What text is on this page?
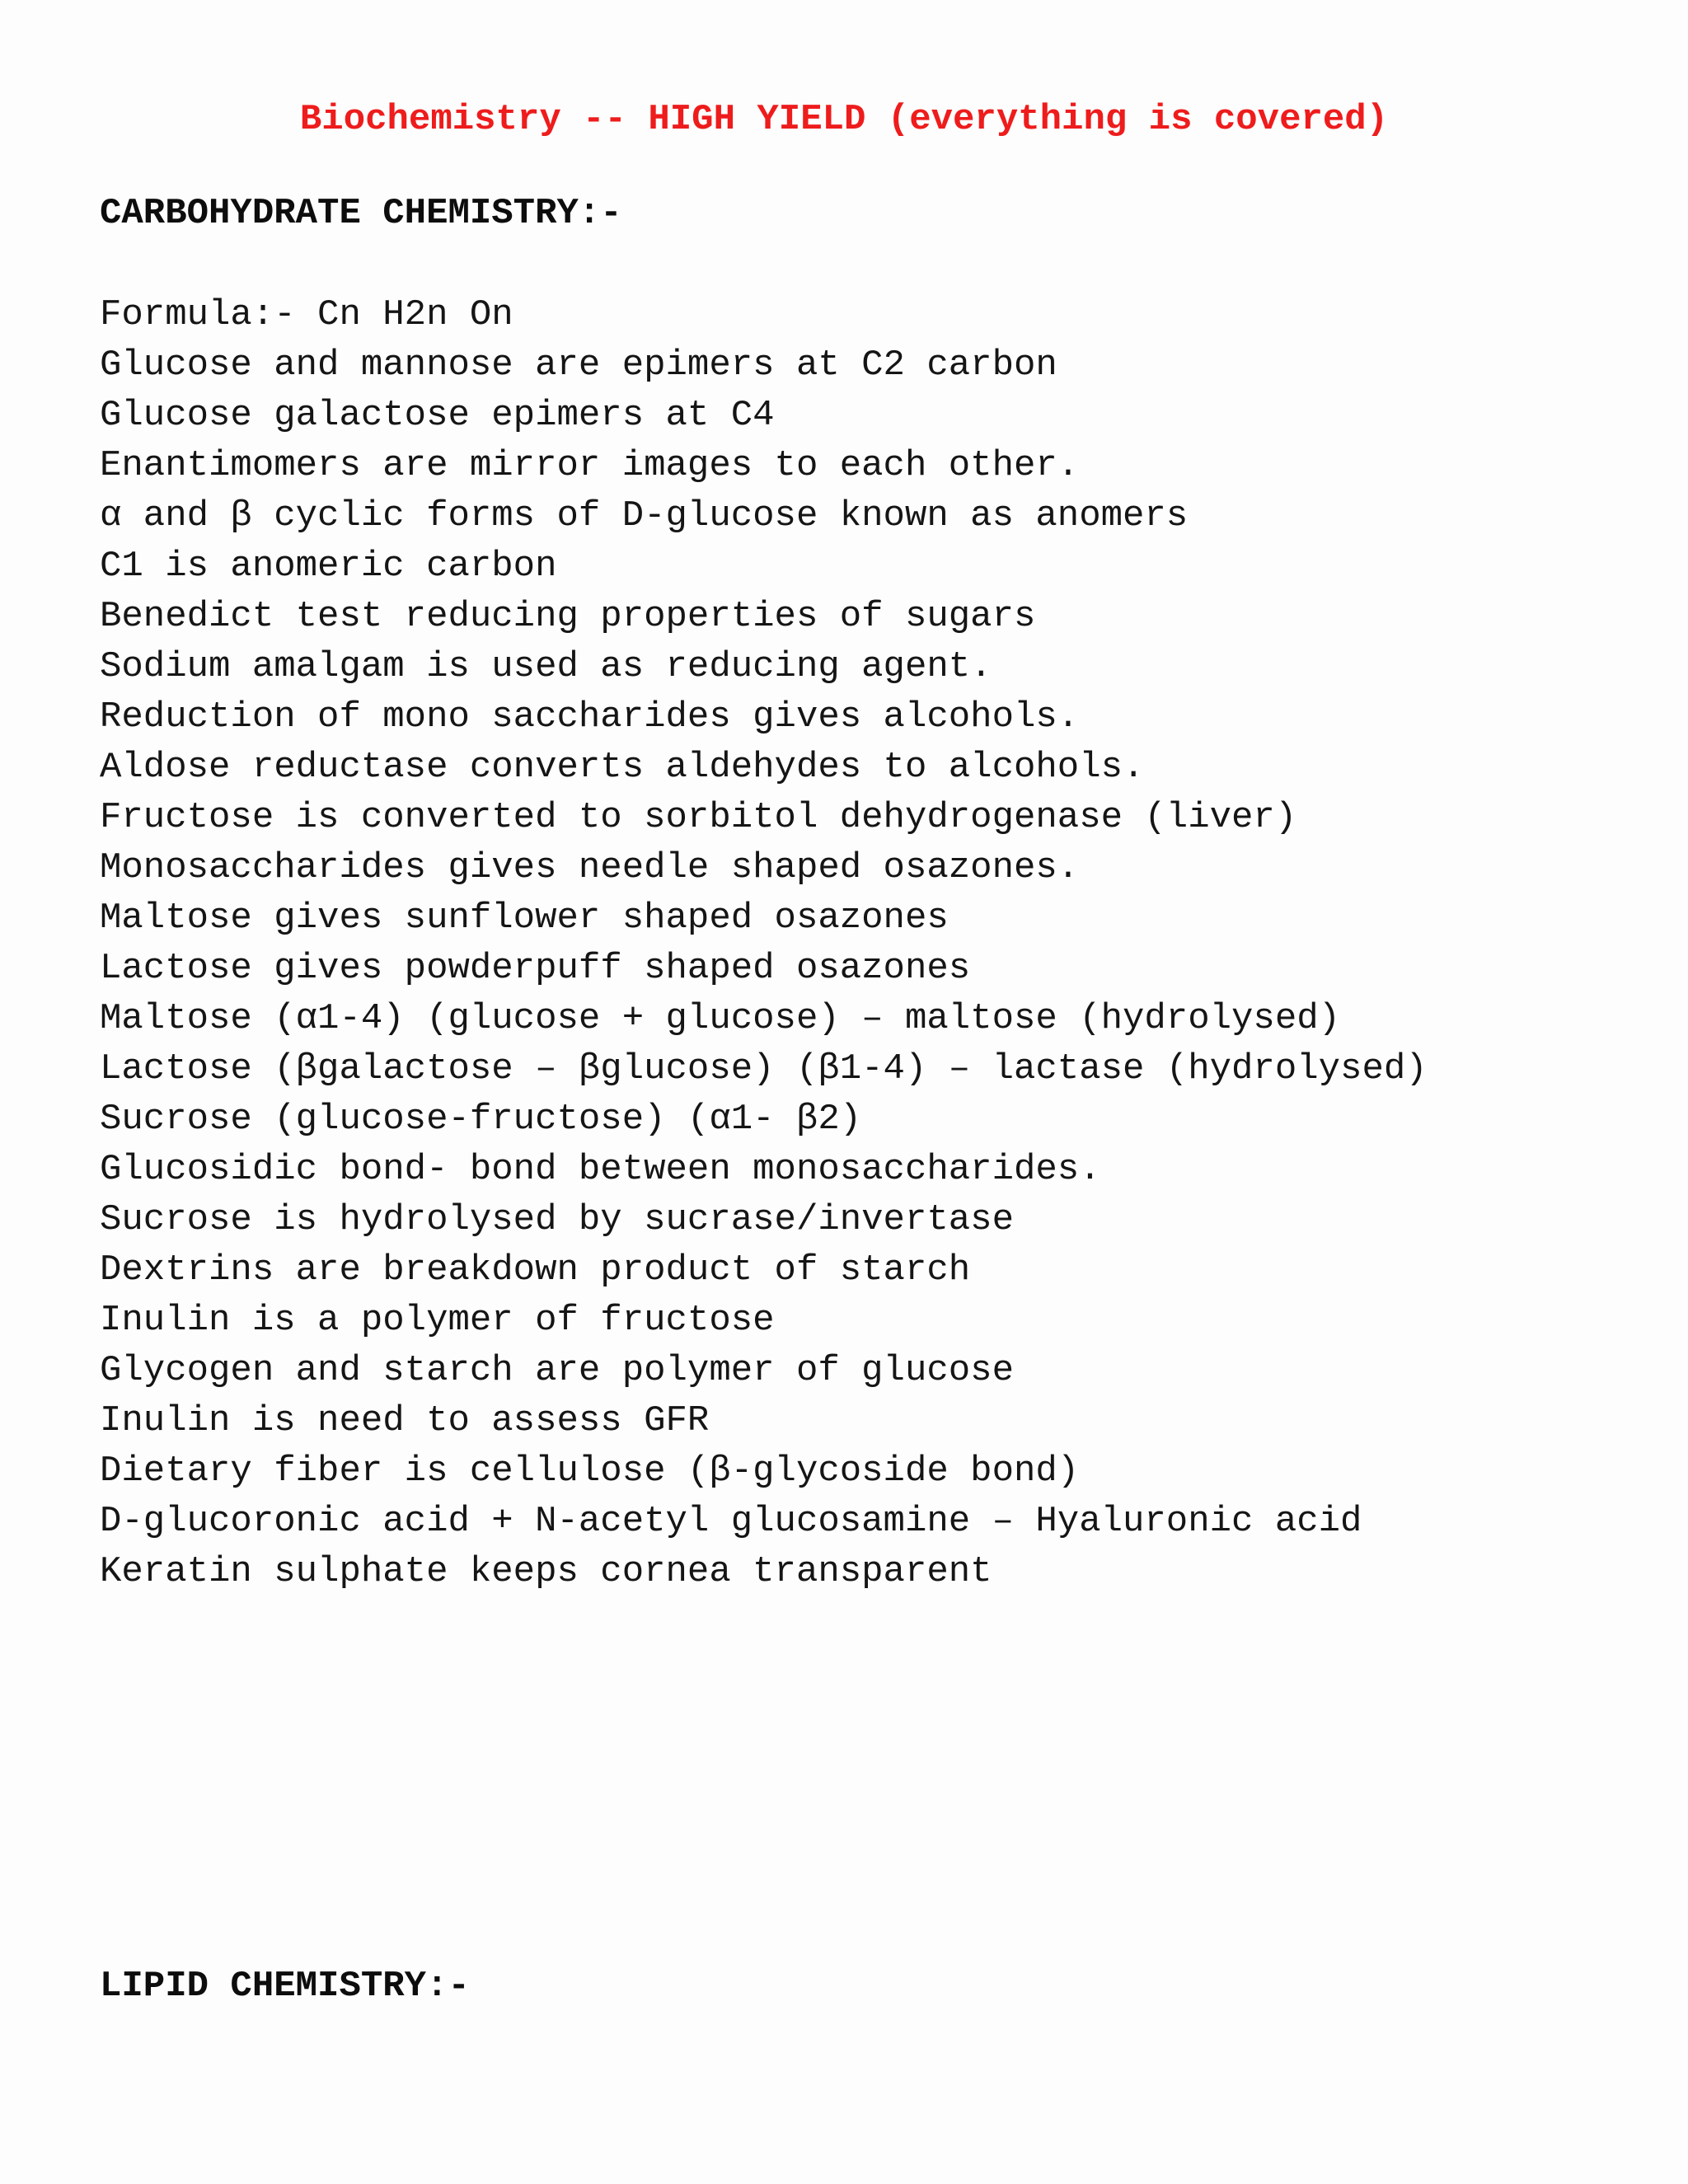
Biochemistry -- HIGH YIELD (everything is covered)
CARBOHYDRATE CHEMISTRY:-
Formula:- Cn H2n On
Glucose and mannose are epimers at C2 carbon
Glucose galactose epimers at C4
Enantimomers are mirror images to each other.
α and β cyclic forms of D-glucose known as anomers
C1 is anomeric carbon
Benedict test reducing properties of sugars
Sodium amalgam is used as reducing agent.
Reduction of mono saccharides gives alcohols.
Aldose reductase converts aldehydes to alcohols.
Fructose is converted to sorbitol dehydrogenase (liver)
Monosaccharides gives needle shaped osazones.
Maltose gives sunflower shaped osazones
Lactose gives powderpuff shaped osazones
Maltose (α1-4) (glucose + glucose) – maltose (hydrolysed)
Lactose (βgalactose – βglucose) (β1-4) – lactase (hydrolysed)
Sucrose (glucose-fructose) (α1- β2)
Glucosidic bond- bond between monosaccharides.
Sucrose is hydrolysed by sucrase/invertase
Dextrins are breakdown product of starch
Inulin is a polymer of fructose
Glycogen and starch are polymer of glucose
Inulin is need to assess GFR
Dietary fiber is cellulose (β-glycoside bond)
D-glucoronic acid + N-acetyl glucosamine – Hyaluronic acid
Keratin sulphate keeps cornea transparent
LIPID CHEMISTRY:-
